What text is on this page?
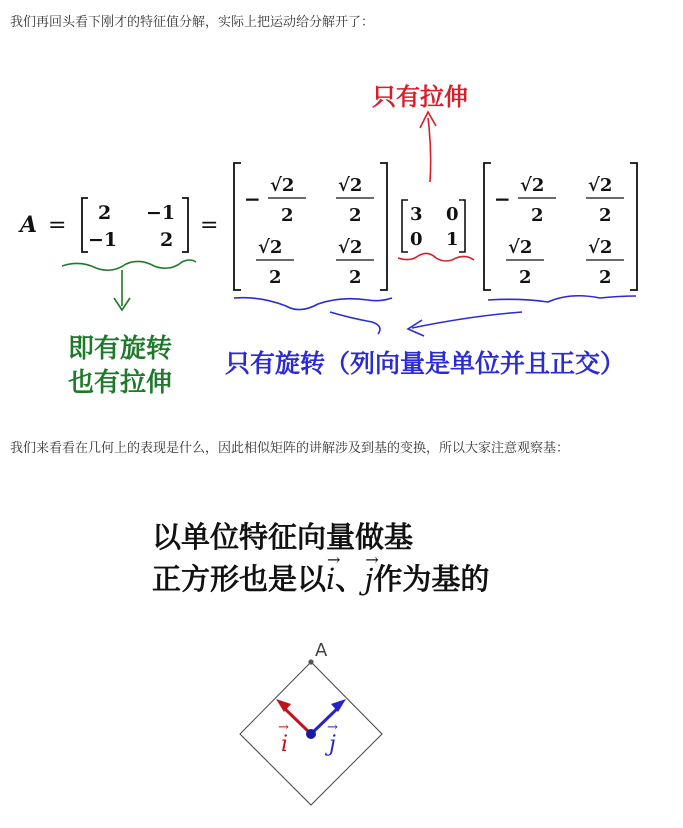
我们再回头看下刚才的特征值分解，实际上把运动给分解开了：
A = 2 −1
−1 2
=
−
√2
2
√2
2
√2
2
√2
2
3 0
0 1
−
√2
2
√2
2
√2
2
√2
2
只有拉伸
即有旋转
也有拉伸
只有旋转（列向量是单位并且正交）
我们来看看在几何上的表现是什么，因此相似矩阵的讲解涉及到基的变换，所以大家注意观察基：
以单位特征向量做基
正方形也是以
→
i、
→
j作为基的
A
→
i
→
j
